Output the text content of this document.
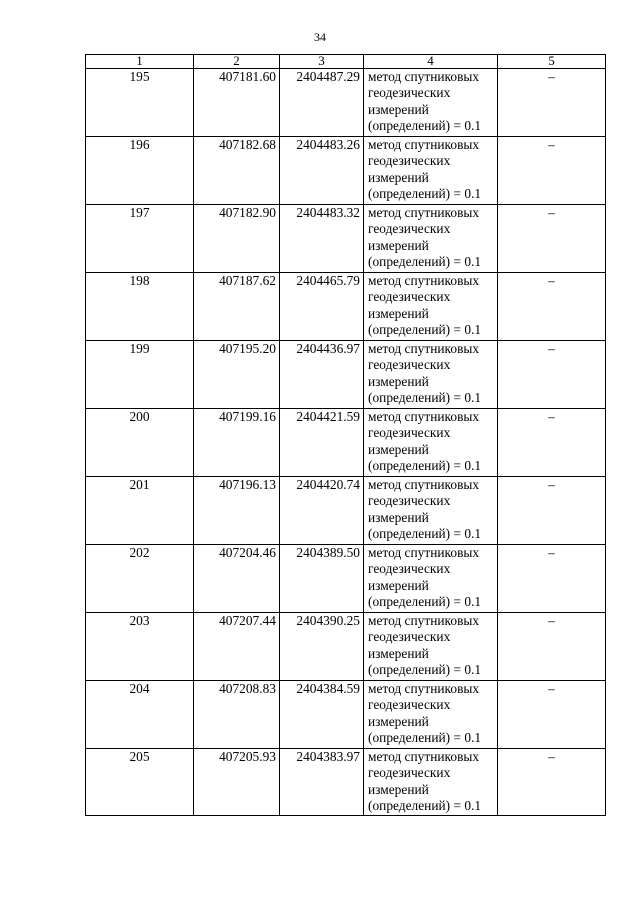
34
1	2	3	4	5
195	407181.60	2404487.29	метод спутниковых
геодезических
измерений
(определений) = 0.1	–
196	407182.68	2404483.26	метод спутниковых
геодезических
измерений
(определений) = 0.1	–
197	407182.90	2404483.32	метод спутниковых
геодезических
измерений
(определений) = 0.1	–
198	407187.62	2404465.79	метод спутниковых
геодезических
измерений
(определений) = 0.1	–
199	407195.20	2404436.97	метод спутниковых
геодезических
измерений
(определений) = 0.1	–
200	407199.16	2404421.59	метод спутниковых
геодезических
измерений
(определений) = 0.1	–
201	407196.13	2404420.74	метод спутниковых
геодезических
измерений
(определений) = 0.1	–
202	407204.46	2404389.50	метод спутниковых
геодезических
измерений
(определений) = 0.1	–
203	407207.44	2404390.25	метод спутниковых
геодезических
измерений
(определений) = 0.1	–
204	407208.83	2404384.59	метод спутниковых
геодезических
измерений
(определений) = 0.1	–
205	407205.93	2404383.97	метод спутниковых
геодезических
измерений
(определений) = 0.1	–
